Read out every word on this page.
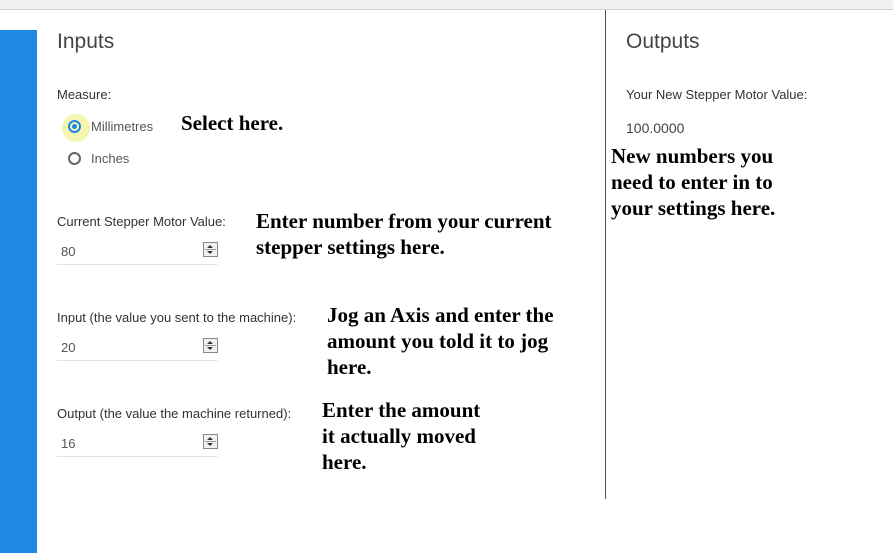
Inputs
Measure:
Millimetres
Inches
Current Stepper Motor Value:
80
Input (the value you sent to the machine):
20
Output (the value the machine returned):
16
Outputs
Your New Stepper Motor Value:
100.0000
Select here.
Enter number from your current
stepper settings here.
Jog an Axis and enter the
amount you told it to jog
here.
Enter the amount
it actually moved
here.
New numbers you
need to enter in to
your settings here.
